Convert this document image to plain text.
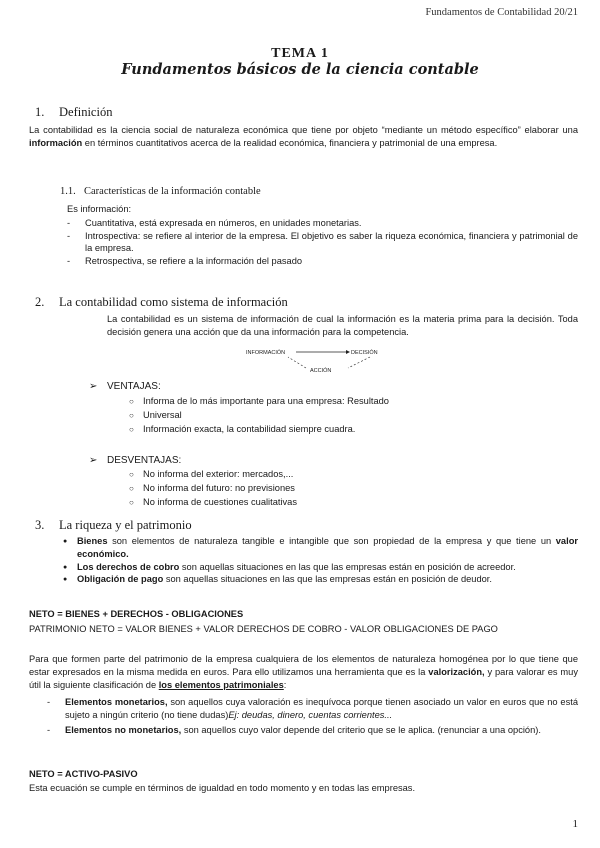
Fundamentos de Contabilidad 20/21
TEMA 1
Fundamentos básicos de la ciencia contable
1. Definición

La contabilidad es la ciencia social de naturaleza económica que tiene por objeto “mediante un método específico” elaborar una información en términos cuantitativos acerca de la realidad económica, financiera y patrimonial de una empresa.

1.1. Características de la información contable
Es información:
- Cuantitativa, está expresada en números, en unidades monetarias.
- Introspectiva: se refiere al interior de la empresa. El objetivo es saber la riqueza económica, financiera y patrimonial de la empresa.
- Retrospectiva, se refiere a la información del pasado
2. La contabilidad como sistema de información

La contabilidad es un sistema de información de cual la información es la materia prima para la decisión. Toda decisión genera una acción que da una información para la competencia.

INFORMACIÓN	DECISIÓN
ACCIÓN
➢ VENTAJAS:
○ Informa de lo más importante para una empresa: Resultado
○ Universal
○ Información exacta, la contabilidad siempre cuadra.
➢ DESVENTAJAS:
○ No informa del exterior: mercados,...
○ No informa del futuro: no previsiones
○ No informa de cuestiones cualitativas
3. La riqueza y el patrimonio
● Bienes son elementos de naturaleza tangible e intangible que son propiedad de la empresa y que tiene un valor económico.
● Los derechos de cobro son aquellas situaciones en las que las empresas están en posición de acreedor.
● Obligación de pago son aquellas situaciones en las que las empresas están en posición de deudor.
NETO = BIENES + DERECHOS - OBLIGACIONES
PATRIMONIO NETO = VALOR BIENES + VALOR DERECHOS DE COBRO - VALOR OBLIGACIONES DE PAGO

Para que formen parte del patrimonio de la empresa cualquiera de los elementos de naturaleza homogénea por lo que tiene que estar expresados en la misma medida en euros. Para ello utilizamos una herramienta que es la valorización, y para valorar es muy útil la siguiente clasificación de los elementos patrimoniales:

- Elementos monetarios, son aquellos cuya valoración es inequívoca porque tienen asociado un valor en euros que no está sujeto a ningún criterio (no tiene dudas)Ej: deudas, dinero, cuentas corrientes...
- Elementos no monetarios, son aquellos cuyo valor depende del criterio que se le aplica. (renunciar a una opción).
NETO = ACTIVO-PASIVO
Esta ecuación se cumple en términos de igualdad en todo momento y en todas las empresas.
1
